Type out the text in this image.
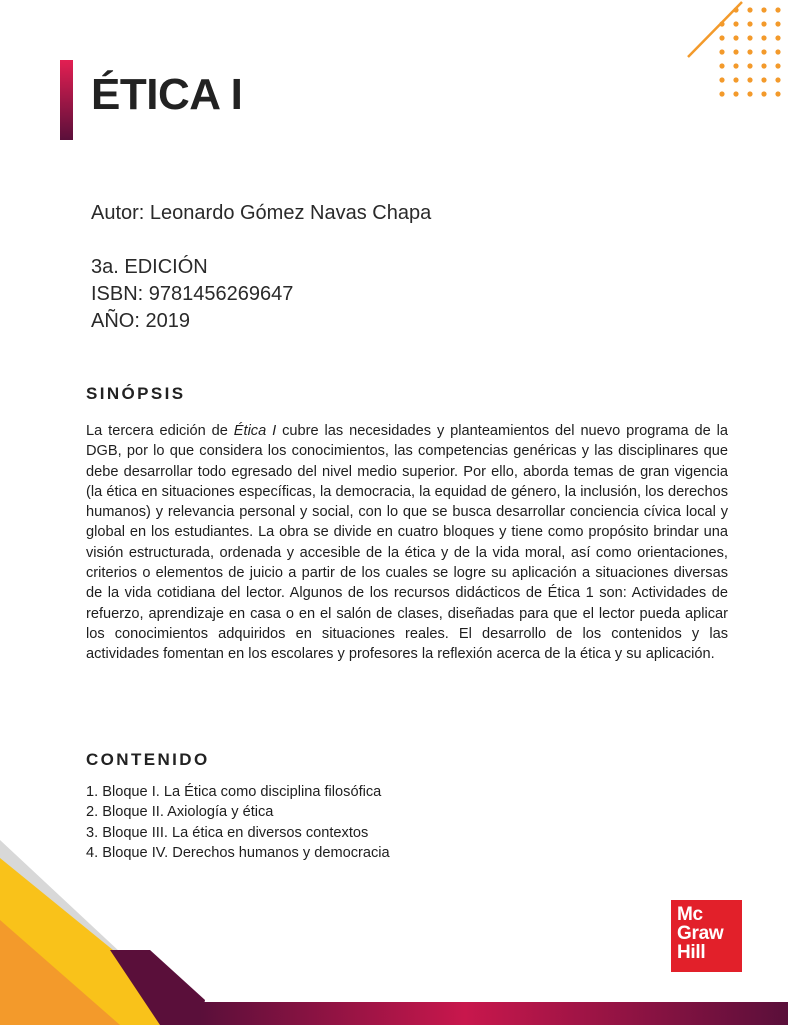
ÉTICA I
Autor: Leonardo Gómez Navas Chapa
3a. EDICIÓN
ISBN: 9781456269647
AÑO: 2019
SINÓPSIS

La tercera edición de Ética I cubre las necesidades y planteamientos del nuevo programa de la DGB, por lo que considera los conocimientos, las competencias genéricas y las disciplinares que debe desarrollar todo egresado del nivel medio superior. Por ello, aborda temas de gran vigencia (la ética en situaciones específicas, la democracia, la equidad de género, la inclusión, los derechos humanos) y relevancia personal y social, con lo que se busca desarrollar conciencia cívica local y global en los estudiantes. La obra se divide en cuatro bloques y tiene como propósito brindar una visión estructurada, ordenada y accesible de la ética y de la vida moral, así como orientaciones, criterios o elementos de juicio a partir de los cuales se logre su aplicación a situaciones diversas de la vida cotidiana del lector. Algunos de los recursos didácticos de Ética 1 son: Actividades de refuerzo, aprendizaje en casa o en el salón de clases, diseñadas para que el lector pueda aplicar los conocimientos adquiridos en situaciones reales. El desarrollo de los contenidos y las actividades fomentan en los escolares y profesores la reflexión acerca de la ética y su aplicación.

CONTENIDO
1. Bloque I. La Ética como disciplina filosófica
2. Bloque II. Axiología y ética
3. Bloque III. La ética en diversos contextos
4. Bloque IV. Derechos humanos y democracia
Mc
Graw
Hill
